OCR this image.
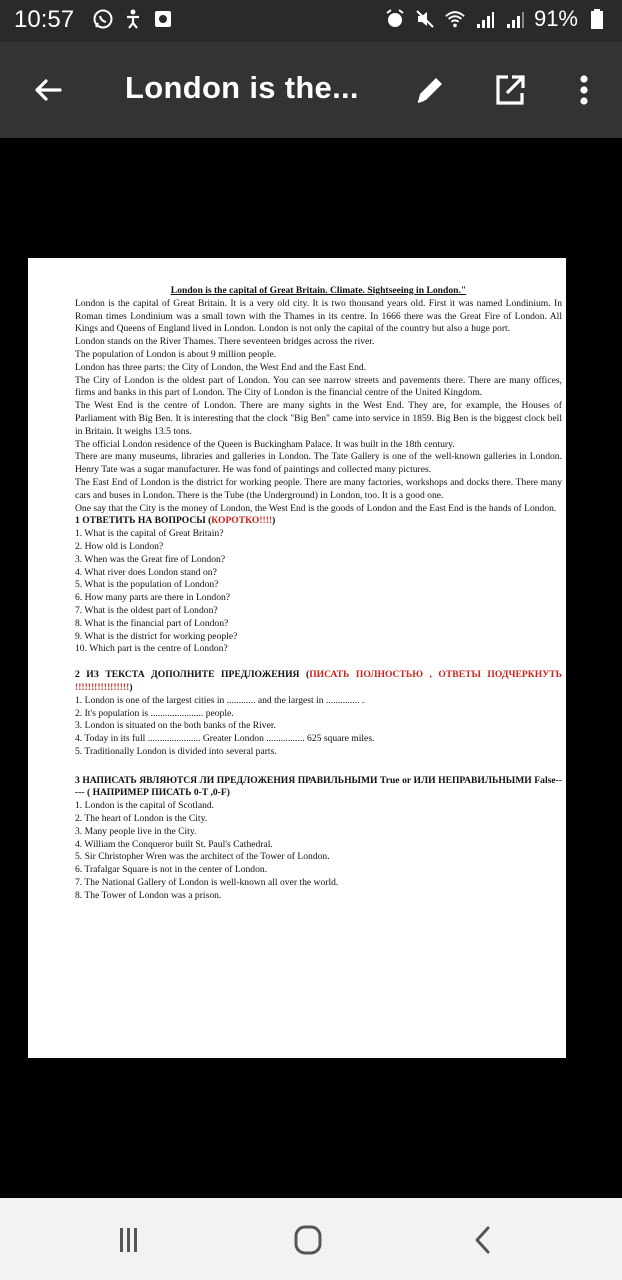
10:57	91%
London is the...
London is the capital of Great Britain. Climate. Sightseeing in London."

London is the capital of Great Britain. It is a very old city. It is two thousand years old. First it was named Londinium. In Roman times Londinium was a small town with the Thames in its centre. In 1666 there was the Great Fire of London. All Kings and Queens of England lived in London. London is not only the capital of the country but also a huge port.

London stands on the River Thames. There seventeen bridges across the river.

The population of London is about 9 million people.

London has three parts: the City of London, the West End and the East End.

The City of London is the oldest part of London. You can see narrow streets and pavements there. There are many offices, firms and banks in this part of London. The City of London is the financial centre of the United Kingdom.

The West End is the centre of London. There are many sights in the West End. They are, for example, the Houses of Parliament with Big Ben. It is interesting that the clock "Big Ben" came into service in 1859. Big Ben is the biggest clock bell in Britain. It weighs 13.5 tons.

The official London residence of the Queen is Buckingham Palace. It was built in the 18th century.

There are many museums, libraries and galleries in London. The Tate Gallery is one of the well-known galleries in London. Henry Tate was a sugar manufacturer. He was fond of paintings and collected many pictures.

The East End of London is the district for working people. There are many factories, workshops and docks there. There many cars and buses in London. There is the Tube (the Underground) in London, too. It is a good one.

One say that the City is the money of London, the West End is the goods of London and the East End is the hands of London.

1 ОТВЕТИТЬ НА ВОПРОСЫ (КОРОТКО!!!!)

1. What is the capital of Great Britain?

2. How old is London?

3. When was the Great fire of London?

4. What river does London stand on?

5. What is the population of London?

6. How many parts are there in London?

7. What is the oldest part of London?

8. What is the financial part of London?

9. What is the district for working people?

10. Which part is the centre of London?

2 ИЗ ТЕКСТА ДОПОЛНИТЕ ПРЕДЛОЖЕНИЯ (ПИСАТЬ ПОЛНОСТЬЮ , ОТВЕТЫ ПОДЧЕРКНУТЬ !!!!!!!!!!!!!!!!!)

1. London is one of the largest cities in ............ and the largest in .............. .

2. It's population is ...................... people.

3. London is situated on the both banks of the River.

4. Today in its full ...................... Greater London ................ 625 square miles.

5. Traditionally London is divided into several parts.

3 НАПИСАТЬ ЯВЛЯЮТСЯ ЛИ ПРЕДЛОЖЕНИЯ ПРАВИЛЬНЫМИ True or ИЛИ НЕПРАВИЛЬНЫМИ False----- ( НАПРИМЕР ПИСАТЬ 0-T ,0-F)

1. London is the capital of Scotland.

2. The heart of London is the City.

3. Many people live in the City.

4. William the Conqueror built St. Paul's Cathedral.

5. Sir Christopher Wren was the architect of the Tower of London.

6. Trafalgar Square is not in the center of London.

7. The National Gallery of London is well-known all over the world.

8. The Tower of London was a prison.
